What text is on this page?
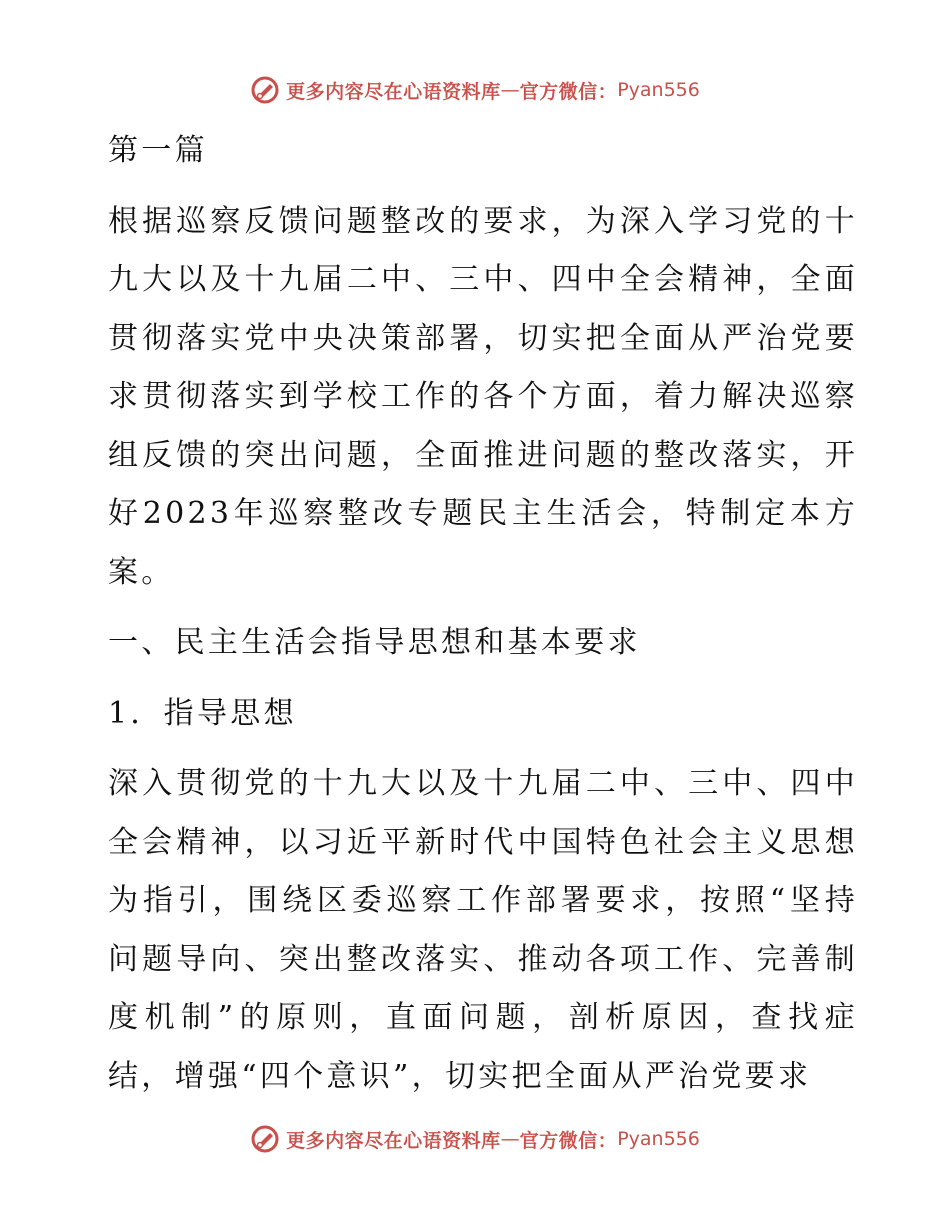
更多内容尽在心语资料库 — 官方微信： Pyan556

第一篇

根据巡察反馈问题整改的要求，为深入学习党的十九大以及十九届二中、三中、四中全会精神，全面贯彻落实党中央决策部署，切实把全面从严治党要求贯彻落实到学校工作的各个方面，着力解决巡察组反馈的突出问题，全面推进问题的整改落实，开好2023年巡察整改专题民主生活会，特制定本方案。

一、民主生活会指导思想和基本要求

1．指导思想

深入贯彻党的十九大以及十九届二中、三中、四中全会精神，以习近平新时代中国特色社会主义思想为指引，围绕区委巡察工作部署要求，按照“坚持问题导向、突出整改落实、推动各项工作、完善制度机制”的原则，直面问题，剖析原因，查找症结，增强“四个意识”，切实把全面从严治党要求

更多内容尽在心语资料库 — 官方微信： Pyan556
